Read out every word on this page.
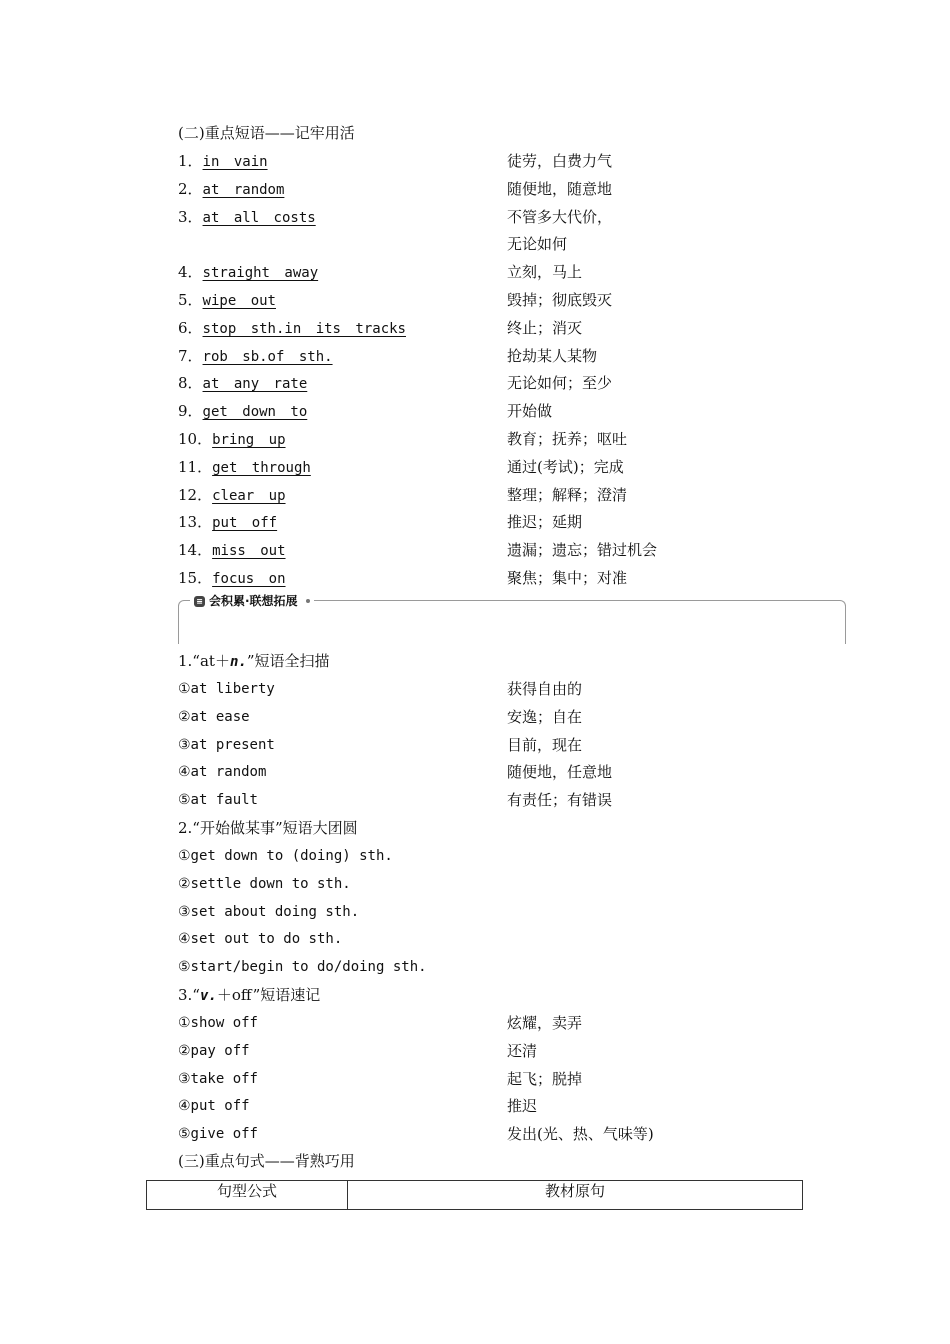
(二)重点短语——记牢用活
1．in vain	徒劳，白费力气
2．at random	随便地，随意地
3．at all costs	不管多大代价，
无论如何
4．straight away	立刻，马上
5．wipe out	毁掉；彻底毁灭
6．stop sth.in its tracks	终止；消灭
7．rob sb.of sth.	抢劫某人某物
8．at any rate	无论如何；至少
9．get down to	开始做
10．bring up	教育；抚养；呕吐
11．get through	通过(考试)；完成
12．clear up	整理；解释；澄清
13．put off	推迟；延期
14．miss out	遗漏；遗忘；错过机会
15．focus on	聚焦；集中；对准
≡ 会积累·联想拓展
1.“at＋n.”短语全扫描
①at liberty	获得自由的
②at ease	安逸；自在
③at present	目前，现在
④at random	随便地，任意地
⑤at fault	有责任；有错误
2.“开始做某事”短语大团圆
①get down to (doing) sth.
②settle down to sth.
③set about doing sth.
④set out to do sth.
⑤start/begin to do/doing sth.
3.“v.＋off”短语速记
①show off	炫耀，卖弄
②pay off	还清
③take off	起飞；脱掉
④put off	推迟
⑤give off	发出(光、热、气味等)
(三)重点句式——背熟巧用
句型公式	教材原句
